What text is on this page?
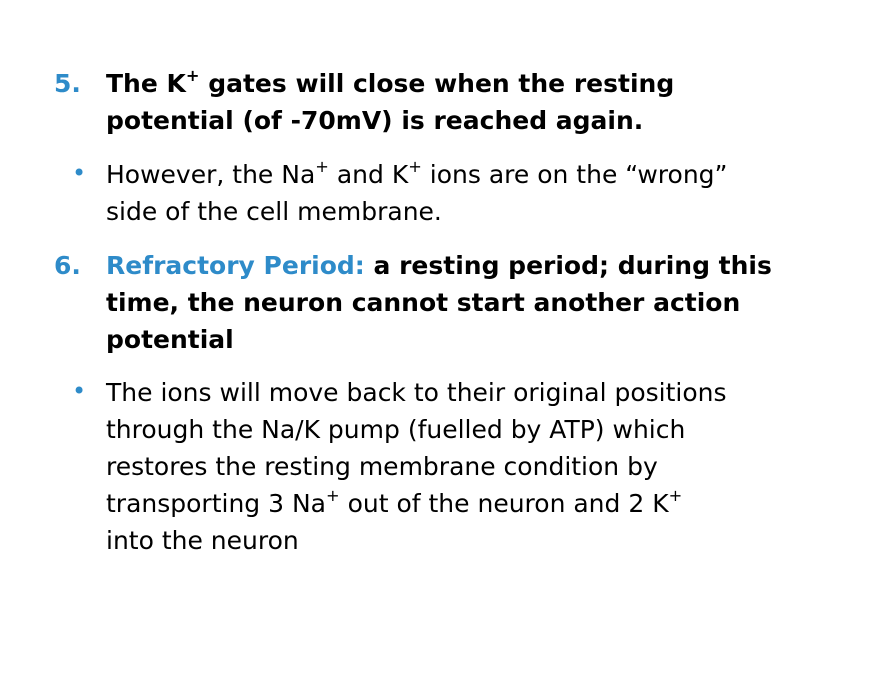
5. The K+ gates will close when the resting
potential (of -70mV) is reached again.
• However, the Na+ and K+ ions are on the “wrong”
side of the cell membrane.
6. Refractory Period: a resting period; during this
time, the neuron cannot start another action
potential
• The ions will move back to their original positions
through the Na/K pump (fuelled by ATP) which
restores the resting membrane condition by
transporting 3 Na+ out of the neuron and 2 K+
into the neuron
